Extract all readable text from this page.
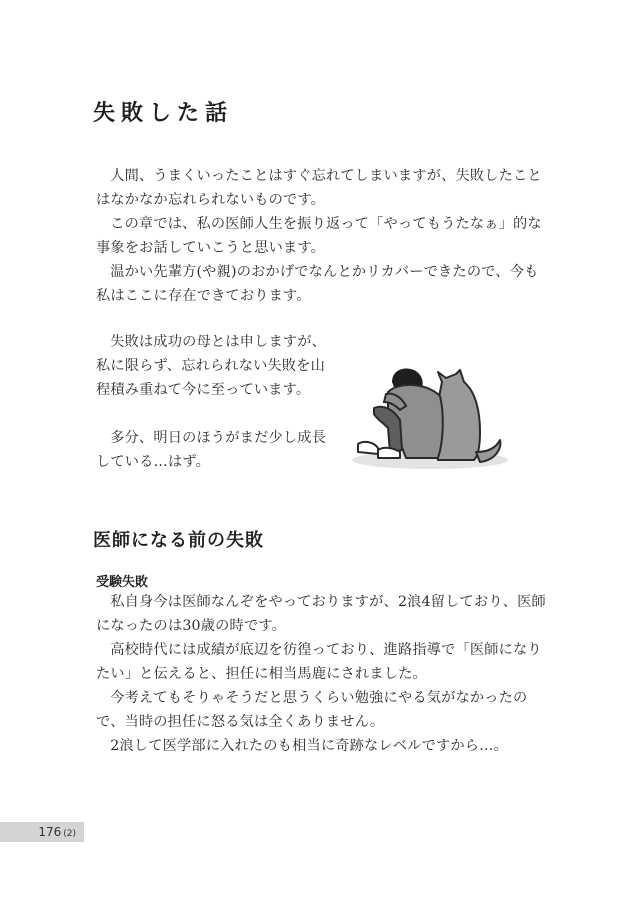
失敗した話

人間、うまくいったことはすぐ忘れてしまいますが、失敗したことはなかなか忘れられないものです。

この章では、私の医師人生を振り返って「やってもうたなぁ」的な事象をお話していこうと思います。

温かい先輩方(や親)のおかげでなんとかリカバーできたので、今も私はここに存在できております。

失敗は成功の母とは申しますが、

私に限らず、忘れられない失敗を山
程積み重ねて今に至っています。

多分、明日のほうがまだ少し成長

している…はず。
医師になる前の失敗
受験失敗

私自身今は医師なんぞをやっておりますが、2浪4留しており、医師になったのは30歳の時です。

高校時代には成績が底辺を彷徨っており、進路指導で「医師になりたい」と伝えると、担任に相当馬鹿にされました。

今考えてもそりゃそうだと思うくらい勉強にやる気がなかったので、当時の担任に怒る気は全くありません。

2浪して医学部に入れたのも相当に奇跡なレベルですから…。

176 (2)
